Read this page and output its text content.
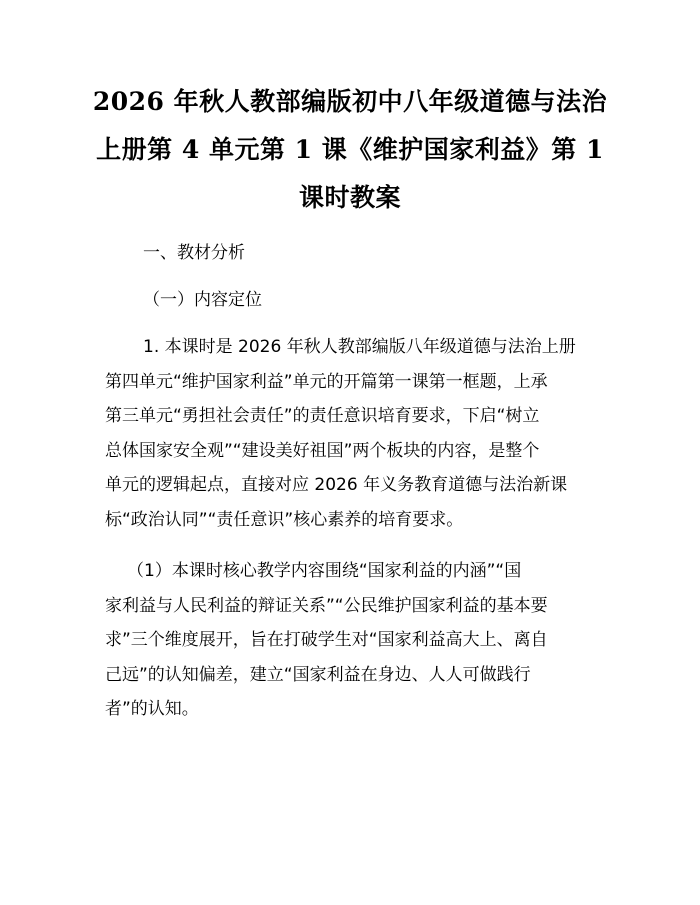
2026 年秋人教部编版初中八年级道德与法治
上册第 4 单元第 1 课《维护国家利益》第 1
课时教案
一、教材分析
（一）内容定位
1. 本课时是 2026 年秋人教部编版八年级道德与法治上册
第四单元“维护国家利益”单元的开篇第一课第一框题，上承
第三单元“勇担社会责任”的责任意识培育要求，下启“树立
总体国家安全观”“建设美好祖国”两个板块的内容，是整个
单元的逻辑起点，直接对应 2026 年义务教育道德与法治新课
标“政治认同”“责任意识”核心素养的培育要求。
（1）本课时核心教学内容围绕“国家利益的内涵”“国
家利益与人民利益的辩证关系”“公民维护国家利益的基本要
求”三个维度展开，旨在打破学生对“国家利益高大上、离自
己远”的认知偏差，建立“国家利益在身边、人人可做践行
者”的认知。
